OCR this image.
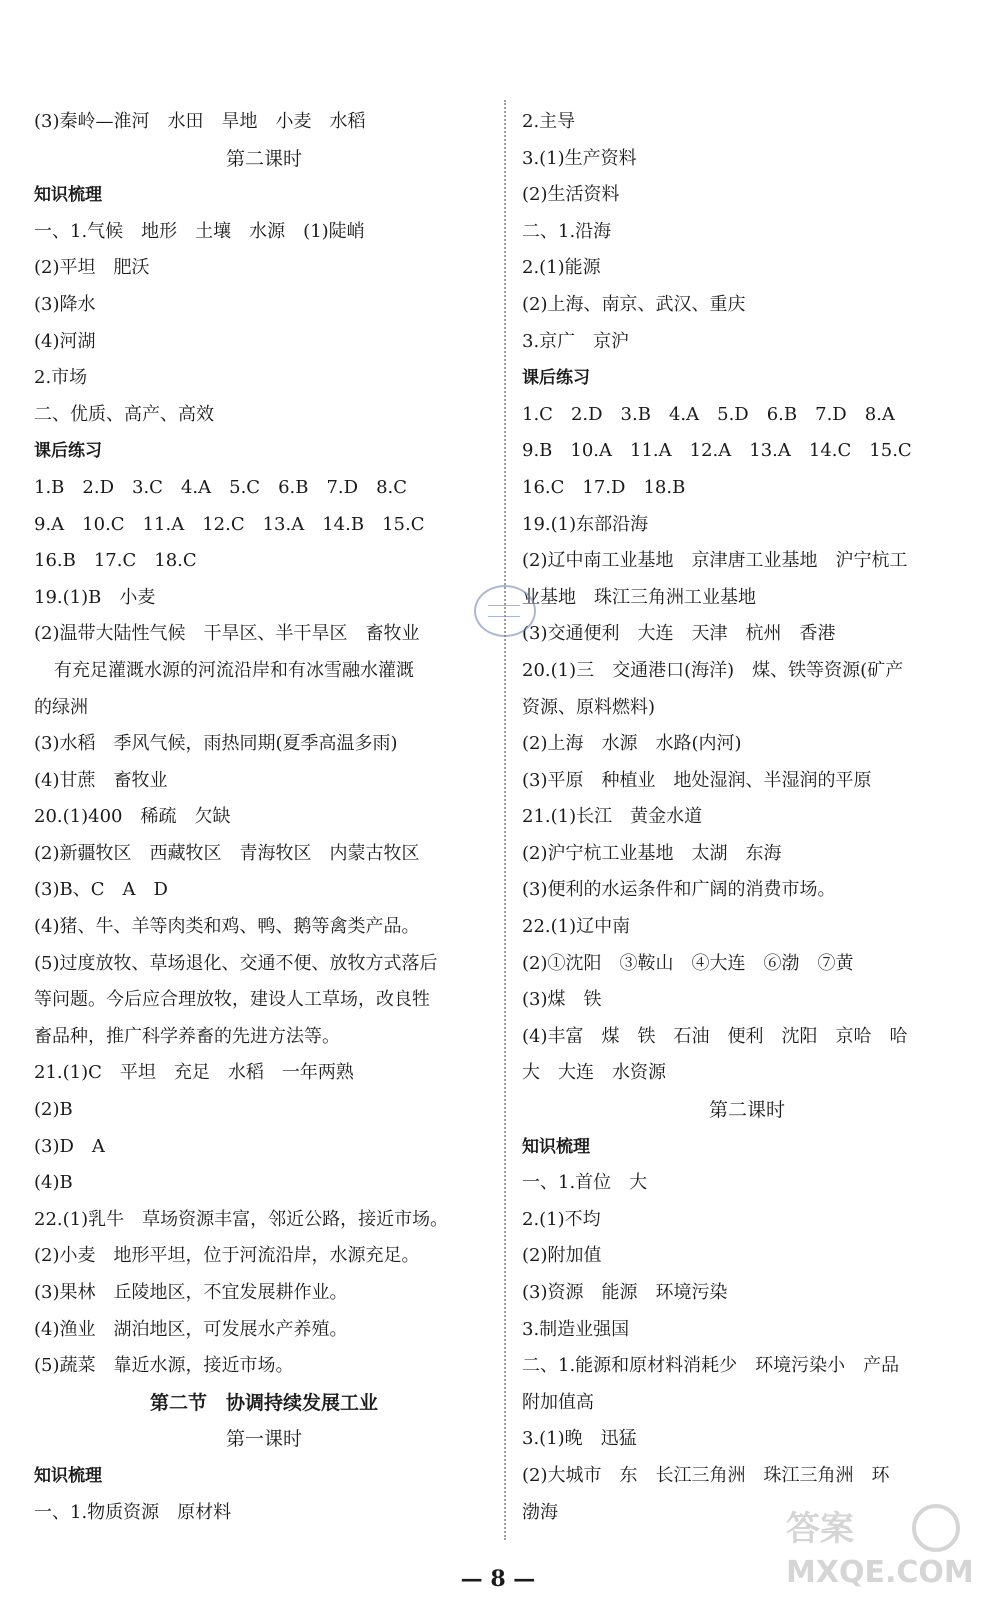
(3)秦岭—淮河　水田　旱地　小麦　水稻
第二课时
知识梳理
一、1.气候　地形　土壤　水源　(1)陡峭
(2)平坦　肥沃
(3)降水
(4)河湖
2.市场
二、优质、高产、高效
课后练习
1.B　2.D　3.C　4.A　5.C　6.B　7.D　8.C
9.A　10.C　11.A　12.C　13.A　14.B　15.C
16.B　17.C　18.C
19.(1)B　小麦
(2)温带大陆性气候　干旱区、半干旱区　畜牧业
有充足灌溉水源的河流沿岸和有冰雪融水灌溉
的绿洲
(3)水稻　季风气候，雨热同期(夏季高温多雨)
(4)甘蔗　畜牧业
20.(1)400　稀疏　欠缺
(2)新疆牧区　西藏牧区　青海牧区　内蒙古牧区
(3)B、C　A　D
(4)猪、牛、羊等肉类和鸡、鸭、鹅等禽类产品。
(5)过度放牧、草场退化、交通不便、放牧方式落后
等问题。今后应合理放牧，建设人工草场，改良牲
畜品种，推广科学养畜的先进方法等。
21.(1)C　平坦　充足　水稻　一年两熟
(2)B
(3)D　A
(4)B
22.(1)乳牛　草场资源丰富，邻近公路，接近市场。
(2)小麦　地形平坦，位于河流沿岸，水源充足。
(3)果林　丘陵地区，不宜发展耕作业。
(4)渔业　湖泊地区，可发展水产养殖。
(5)蔬菜　靠近水源，接近市场。
第二节　协调持续发展工业
第一课时
知识梳理
一、1.物质资源　原材料
2.主导
3.(1)生产资料
(2)生活资料
二、1.沿海
2.(1)能源
(2)上海、南京、武汉、重庆
3.京广　京沪
课后练习
1.C　2.D　3.B　4.A　5.D　6.B　7.D　8.A
9.B　10.A　11.A　12.A　13.A　14.C　15.C
16.C　17.D　18.B
19.(1)东部沿海
(2)辽中南工业基地　京津唐工业基地　沪宁杭工
业基地　珠江三角洲工业基地
(3)交通便利　大连　天津　杭州　香港
20.(1)三　交通港口(海洋)　煤、铁等资源(矿产
资源、原料燃料)
(2)上海　水源　水路(内河)
(3)平原　种植业　地处湿润、半湿润的平原
21.(1)长江　黄金水道
(2)沪宁杭工业基地　太湖　东海
(3)便利的水运条件和广阔的消费市场。
22.(1)辽中南
(2)①沈阳　③鞍山　④大连　⑥渤　⑦黄
(3)煤　铁
(4)丰富　煤　铁　石油　便利　沈阳　京哈　哈
大　大连　水资源
第二课时
知识梳理
一、1.首位　大
2.(1)不均
(2)附加值
(3)资源　能源　环境污染
3.制造业强国
二、1.能源和原材料消耗少　环境污染小　产品
附加值高
3.(1)晚　迅猛
(2)大城市　东　长江三角洲　珠江三角洲　环
渤海	答案
MXQE.COM
— 8 —
